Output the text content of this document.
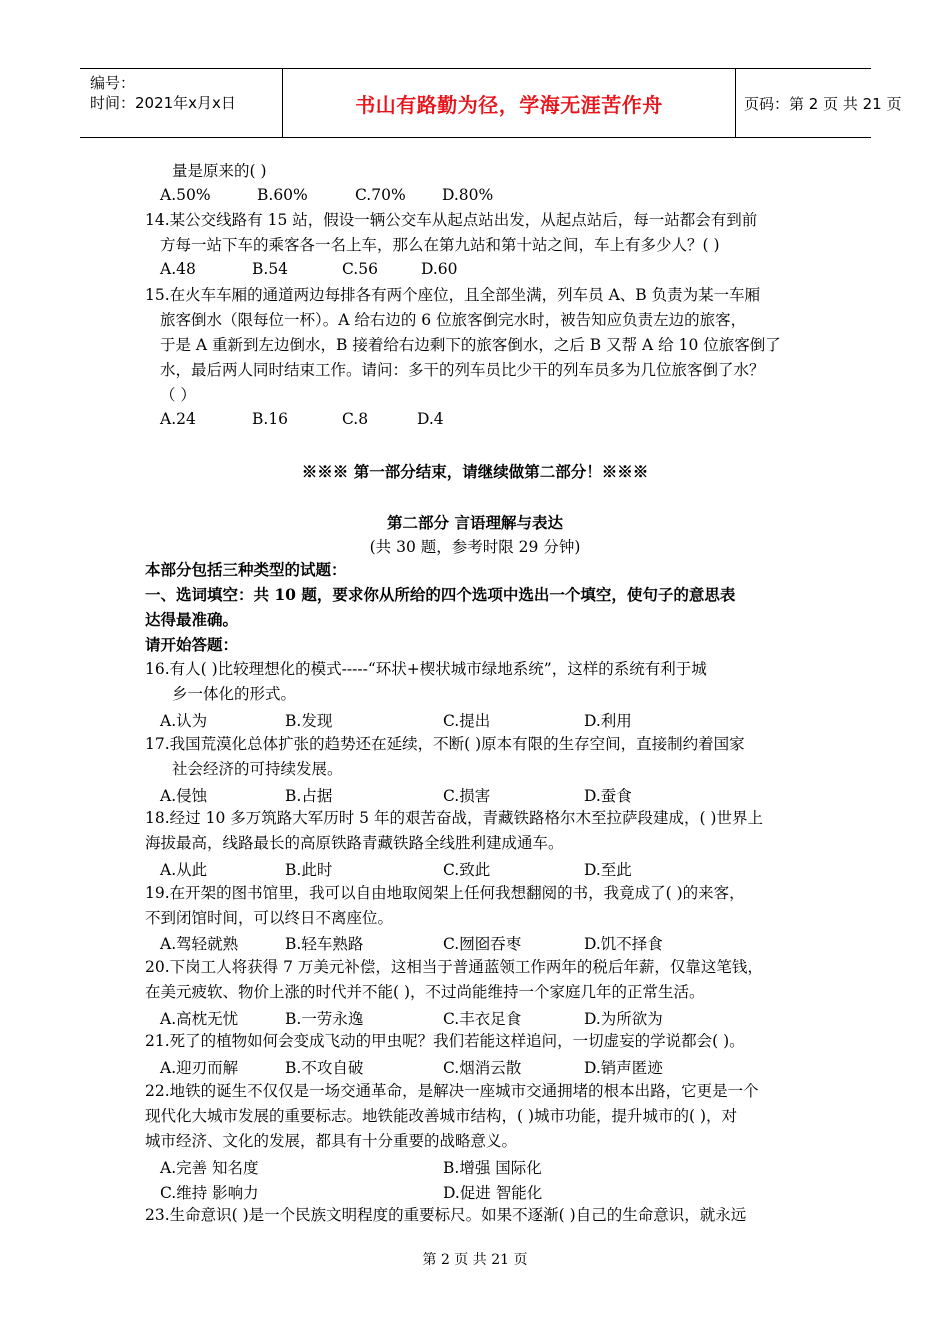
编号：
时间：2021年x月x日	书山有路勤为径，学海无涯苦作舟	页码：第 2 页 共 21 页
量是原来的( )
A.50%	B.60%	C.70% D.80%
14.某公交线路有 15 站，假设一辆公交车从起点站出发，从起点站后，每一站都会有到前
方每一站下车的乘客各一名上车，那么在第九站和第十站之间，车上有多少人？( )
A.48	B.54	C.56	D.60
15.在火车车厢的通道两边每排各有两个座位，且全部坐满，列车员 A、B 负责为某一车厢
旅客倒水（限每位一杯）。A 给右边的 6 位旅客倒完水时，被告知应负责左边的旅客，
于是 A 重新到左边倒水，B 接着给右边剩下的旅客倒水，之后 B 又帮 A 给 10 位旅客倒了
水，最后两人同时结束工作。请问：多干的列车员比少干的列车员多为几位旅客倒了水？
（ ）
A.24	B.16	C.8	D.4
※※※ 第一部分结束，请继续做第二部分！※※※
第二部分 言语理解与表达
(共 30 题，参考时限 29 分钟)
本部分包括三种类型的试题：
一、选词填空：共 10 题，要求你从所给的四个选项中选出一个填空，使句子的意思表
达得最准确。
请开始答题：
16.有人( )比较理想化的模式-----“环状+楔状城市绿地系统”，这样的系统有利于城
乡一体化的形式。
A.认为	B.发现	C.提出	D.利用
17.我国荒漠化总体扩张的趋势还在延续，不断( )原本有限的生存空间，直接制约着国家
社会经济的可持续发展。
A.侵蚀	B.占据	C.损害	D.蚕食
18.经过 10 多万筑路大军历时 5 年的艰苦奋战，青藏铁路格尔木至拉萨段建成，( )世界上
海拔最高，线路最长的高原铁路青藏铁路全线胜利建成通车。
A.从此	B.此时	C.致此	D.至此
19.在开架的图书馆里，我可以自由地取阅架上任何我想翻阅的书，我竟成了( )的来客，
不到闭馆时间，可以终日不离座位。
A.驾轻就熟	B.轻车熟路	C.囫囵吞枣	D.饥不择食
20.下岗工人将获得 7 万美元补偿，这相当于普通蓝领工作两年的税后年薪，仅靠这笔钱，
在美元疲软、物价上涨的时代并不能( )，不过尚能维持一个家庭几年的正常生活。
A.高枕无忧	B.一劳永逸	C.丰衣足食	D.为所欲为
21.死了的植物如何会变成飞动的甲虫呢？我们若能这样追问，一切虚妄的学说都会( )。
A.迎刃而解	B.不攻自破	C.烟消云散	D.销声匿迹
22.地铁的诞生不仅仅是一场交通革命，是解决一座城市交通拥堵的根本出路，它更是一个
现代化大城市发展的重要标志。地铁能改善城市结构，( )城市功能，提升城市的( )，对
城市经济、文化的发展，都具有十分重要的战略意义。
A.完善 知名度	B.增强 国际化
C.维持 影响力	D.促进 智能化
23.生命意识( )是一个民族文明程度的重要标尺。如果不逐渐( )自己的生命意识，就永远
第 2 页 共 21 页
